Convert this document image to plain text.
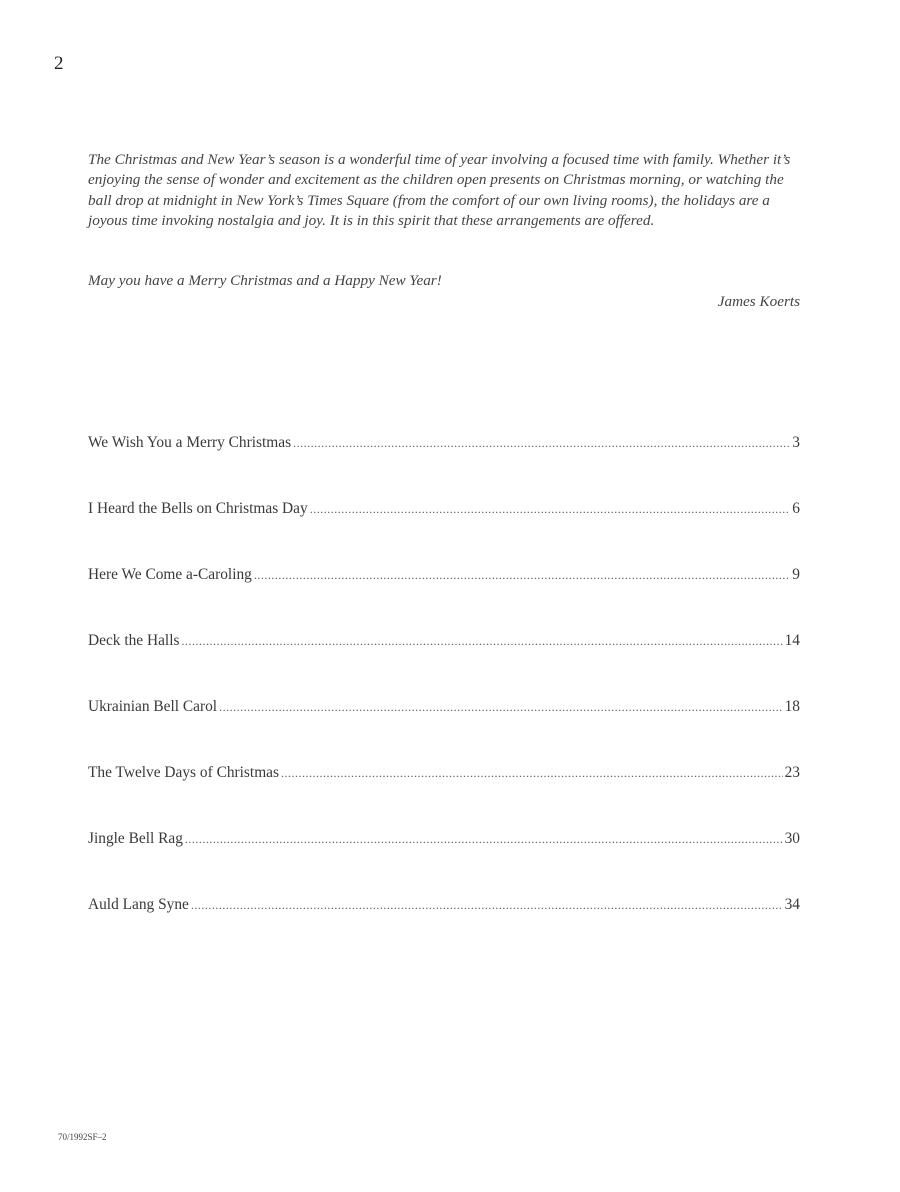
2

The Christmas and New Year’s season is a wonderful time of year involving a focused time with family. Whether it’s enjoying the sense of wonder and excitement as the children open presents on Christmas morning, or watching the ball drop at midnight in New York’s Times Square (from the comfort of our own living rooms), the holidays are a joyous time invoking nostalgia and joy. It is in this spirit that these arrangements are offered.

May you have a Merry Christmas and a Happy New Year!
James Koerts
We Wish You a Merry Christmas .....	3
I Heard the Bells on Christmas Day .....	6
Here We Come a-Caroling .....	9
Deck the Halls .....	14
Ukrainian Bell Carol .....	18
The Twelve Days of Christmas .....	23
Jingle Bell Rag .....	30
Auld Lang Syne .....	34
70/1992SF–2
